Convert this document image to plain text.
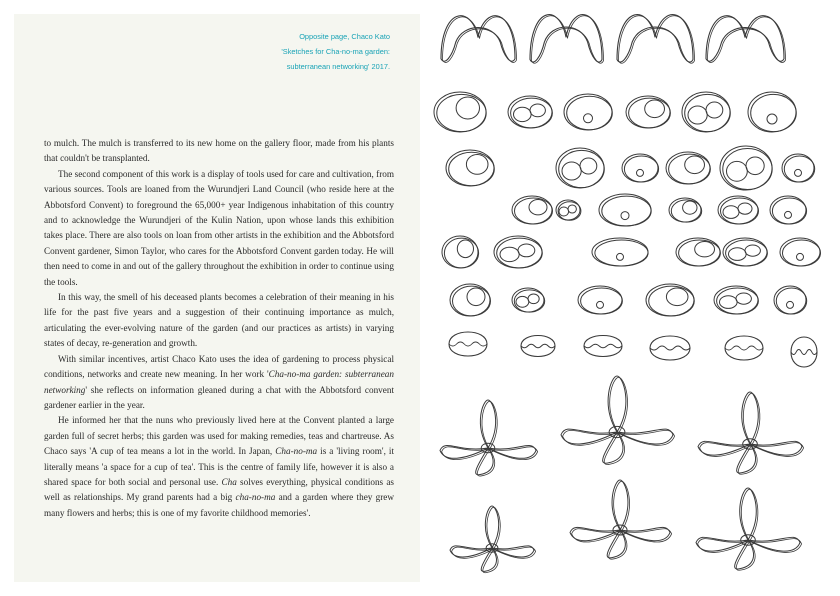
Opposite page, Chaco Kato
'Sketches for Cha-no-ma garden:
subterranean networking' 2017.

to mulch. The mulch is transferred to its new home on the gallery floor, made from his plants that couldn't be transplanted.

The second component of this work is a display of tools used for care and cultivation, from various sources. Tools are loaned from the Wurundjeri Land Council (who reside here at the Abbotsford Convent) to foreground the 65,000+ year Indigenous inhabitation of this country and to acknowledge the Wurundjeri of the Kulin Nation, upon whose lands this exhibition takes place. There are also tools on loan from other artists in the exhibition and the Abbotsford Convent gardener, Simon Taylor, who cares for the Abbotsford Convent garden today. He will then need to come in and out of the gallery throughout the exhibition in order to continue using the tools.

In this way, the smell of his deceased plants becomes a celebration of their meaning in his life for the past five years and a suggestion of their continuing importance as mulch, articulating the ever-evolving nature of the garden (and our practices as artists) in varying states of decay, re-generation and growth.

With similar incentives, artist Chaco Kato uses the idea of gardening to process physical conditions, networks and create new meaning. In her work 'Cha-no-ma garden: subterranean networking' she reflects on information gleaned during a chat with the Abbotsford convent gardener earlier in the year.

He informed her that the nuns who previously lived here at the Convent planted a large garden full of secret herbs; this garden was used for making remedies, teas and chartreuse. As Chaco says 'A cup of tea means a lot in the world. In Japan, Cha-no-ma is a 'living room', it literally means 'a space for a cup of tea'. This is the centre of family life, however it is also a shared space for both social and personal use. Cha solves everything, physical conditions as well as relationships. My grand parents had a big cha-no-ma and a garden where they grew many flowers and herbs; this is one of my favorite childhood memories'.
